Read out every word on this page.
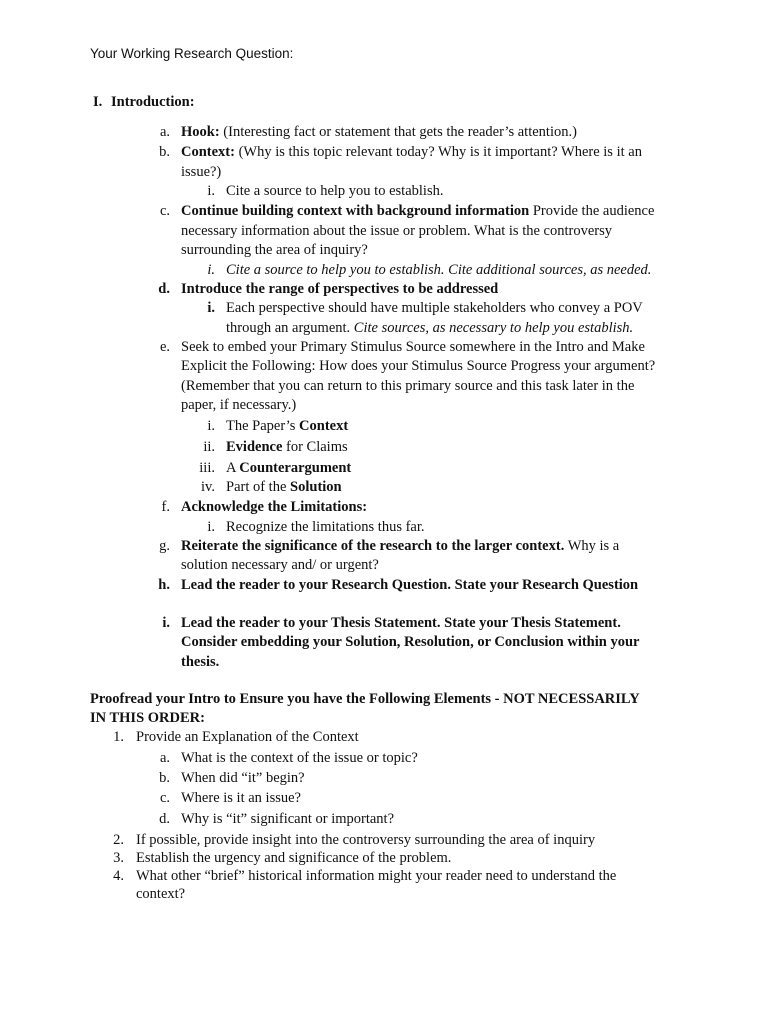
Your Working Research Question:
I. Introduction:
a. Hook: (Interesting fact or statement that gets the reader’s attention.)
b. Context: (Why is this topic relevant today? Why is it important? Where is it an
issue?)
i. Cite a source to help you to establish.
c. Continue building context with background information Provide the audience
necessary information about the issue or problem. What is the controversy
surrounding the area of inquiry?
i. Cite a source to help you to establish. Cite additional sources, as needed.
d. Introduce the range of perspectives to be addressed
i. Each perspective should have multiple stakeholders who convey a POV
through an argument. Cite sources, as necessary to help you establish.
e. Seek to embed your Primary Stimulus Source somewhere in the Intro and Make
Explicit the Following: How does your Stimulus Source Progress your argument?
(Remember that you can return to this primary source and this task later in the
paper, if necessary.)
i. The Paper’s Context
ii. Evidence for Claims
iii. A Counterargument
iv. Part of the Solution
f. Acknowledge the Limitations:
i. Recognize the limitations thus far.
g. Reiterate the significance of the research to the larger context. Why is a
solution necessary and/ or urgent?
h. Lead the reader to your Research Question. State your Research Question
i. Lead the reader to your Thesis Statement. State your Thesis Statement.
Consider embedding your Solution, Resolution, or Conclusion within your
thesis.
Proofread your Intro to Ensure you have the Following Elements - NOT NECESSARILY
IN THIS ORDER:
1. Provide an Explanation of the Context
a. What is the context of the issue or topic?
b. When did “it” begin?
c. Where is it an issue?
d. Why is “it” significant or important?
2. If possible, provide insight into the controversy surrounding the area of inquiry
3. Establish the urgency and significance of the problem.
4. What other “brief” historical information might your reader need to understand the
context?
